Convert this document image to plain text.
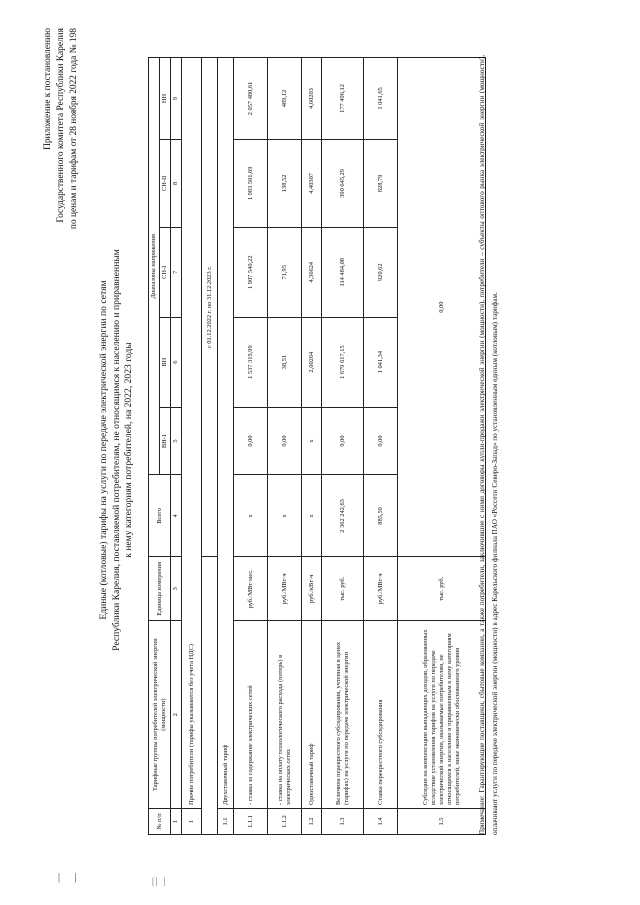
Приложение к постановлению Государственного комитета Республики Карелия по ценам и тарифам от 28 ноября 2022 года № 198
Единые (котловые) тарифы на услуги по передаче электрической энергии по сетям Республики Карелия, поставляемой потребителям, не относящимся к населению и приравненным к нему категориям потребителей, на 2022, 2023 годы
№ п/п	Тарифные группы потребителей электрической энергии (мощности)	Единица измерения	Всего	Диапазоны напряжения				
				ВН-1	ВН	СН-I	СН-II	НН
1	2	3	4	5	6	7	8	9
1	Прочие потребители (тарифы указываются без учета НДС)							
			с 01.12.2022 г. по 31.12.2023 г.					
1.1	Двухставочный тариф							
1.1.1	- ставка за содержание электрических сетей	руб./МВт·мес.	x	0,00	1 537 319,99	1 907 540,22	1 983 501,69	2 057 480,61
1.1.2	- ставка на оплату технологического расхода (потерь) в электрических сетях	руб./МВт·ч	x	0,00	38,51	71,95	138,52	489,12
1.2	Одноставочный тариф	руб./кВт·ч	x	x	2,00264	4,36624	4,40307	4,60203
1.3	Величина перекрестного субсидирования, учтенная в ценах (тарифах) на услуги по передаче электрической энергии	тыс. руб.	2 362 242,63	0,00	1 679 617,15	114 484,08	390 645,29	177 496,12
1.4	Ставка перекрестного субсидирования	руб./МВт·ч	885,59	0,00	1 041,34	920,62	828,79	1 041,65
1.5	Субсидии на компенсацию выпадающих доходов, образованных вследствие установления тарифов на услуги по передаче электрической энергии, оказываемые потребителям, не относящимся к населению и приравненным к нему категориям потребителей, ниже экономически обоснованного уровня	тыс. руб.	0,00						Примечание: Гарантирующие поставщики, сбытовые компании, а также потребители, заключившие с ними договоры купли-продажи электрической энергии (мощности), потребители – субъекты оптового рынка электрической энергии (мощности), оплачивают услуги по передаче электрической энергии (мощности) в адрес Карельского филиала ПАО «Россети Северо-Запад» по установленным единым (котловым) тарифам.
| |	|| |
